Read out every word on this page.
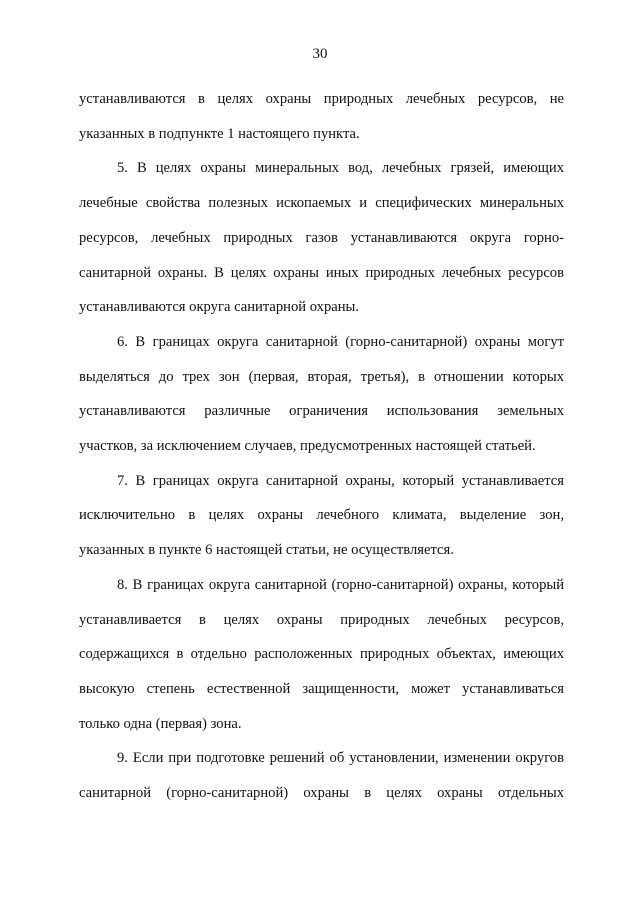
30

устанавливаются в целях охраны природных лечебных ресурсов, не указанных в подпункте 1 настоящего пункта.

5. В целях охраны минеральных вод, лечебных грязей, имеющих лечебные свойства полезных ископаемых и специфических минеральных ресурсов, лечебных природных газов устанавливаются округа горно-санитарной охраны. В целях охраны иных природных лечебных ресурсов устанавливаются округа санитарной охраны.

6. В границах округа санитарной (горно-санитарной) охраны могут выделяться до трех зон (первая, вторая, третья), в отношении которых устанавливаются различные ограничения использования земельных участков, за исключением случаев, предусмотренных настоящей статьей.

7. В границах округа санитарной охраны, который устанавливается исключительно в целях охраны лечебного климата, выделение зон, указанных в пункте 6 настоящей статьи, не осуществляется.

8. В границах округа санитарной (горно-санитарной) охраны, который устанавливается в целях охраны природных лечебных ресурсов, содержащихся в отдельно расположенных природных объектах, имеющих высокую степень естественной защищенности, может устанавливаться только одна (первая) зона.

9. Если при подготовке решений об установлении, изменении округов санитарной (горно-санитарной) охраны в целях охраны отдельных
